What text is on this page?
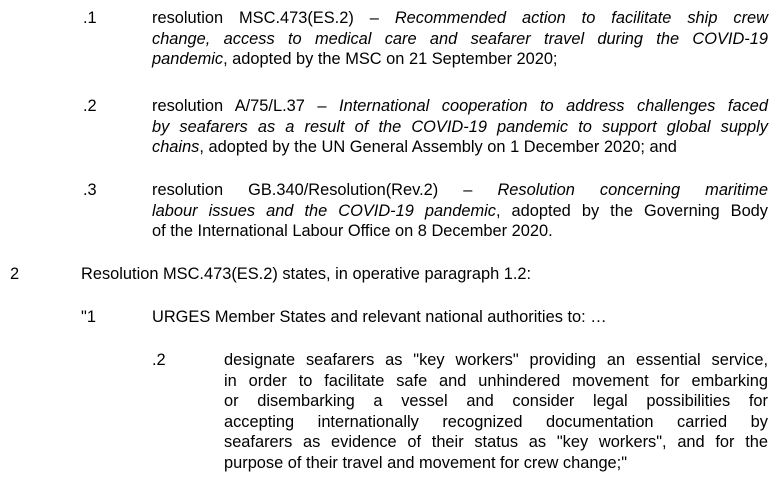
.1	resolution MSC.473(ES.2) – Recommended action to facilitate ship crew
change, access to medical care and seafarer travel during the COVID-19
pandemic, adopted by the MSC on 21 September 2020;
.2	resolution A/75/L.37 – International cooperation to address challenges faced
by seafarers as a result of the COVID-19 pandemic to support global supply
chains, adopted by the UN General Assembly on 1 December 2020; and
.3	resolution GB.340/Resolution(Rev.2) – Resolution concerning maritime
labour issues and the COVID-19 pandemic, adopted by the Governing Body
of the International Labour Office on 8 December 2020.
2	Resolution MSC.473(ES.2) states, in operative paragraph 1.2:
"1	URGES Member States and relevant national authorities to: …
.2	designate seafarers as "key workers" providing an essential service,
in order to facilitate safe and unhindered movement for embarking
or disembarking a vessel and consider legal possibilities for
accepting internationally recognized documentation carried by
seafarers as evidence of their status as "key workers", and for the
purpose of their travel and movement for crew change;"
